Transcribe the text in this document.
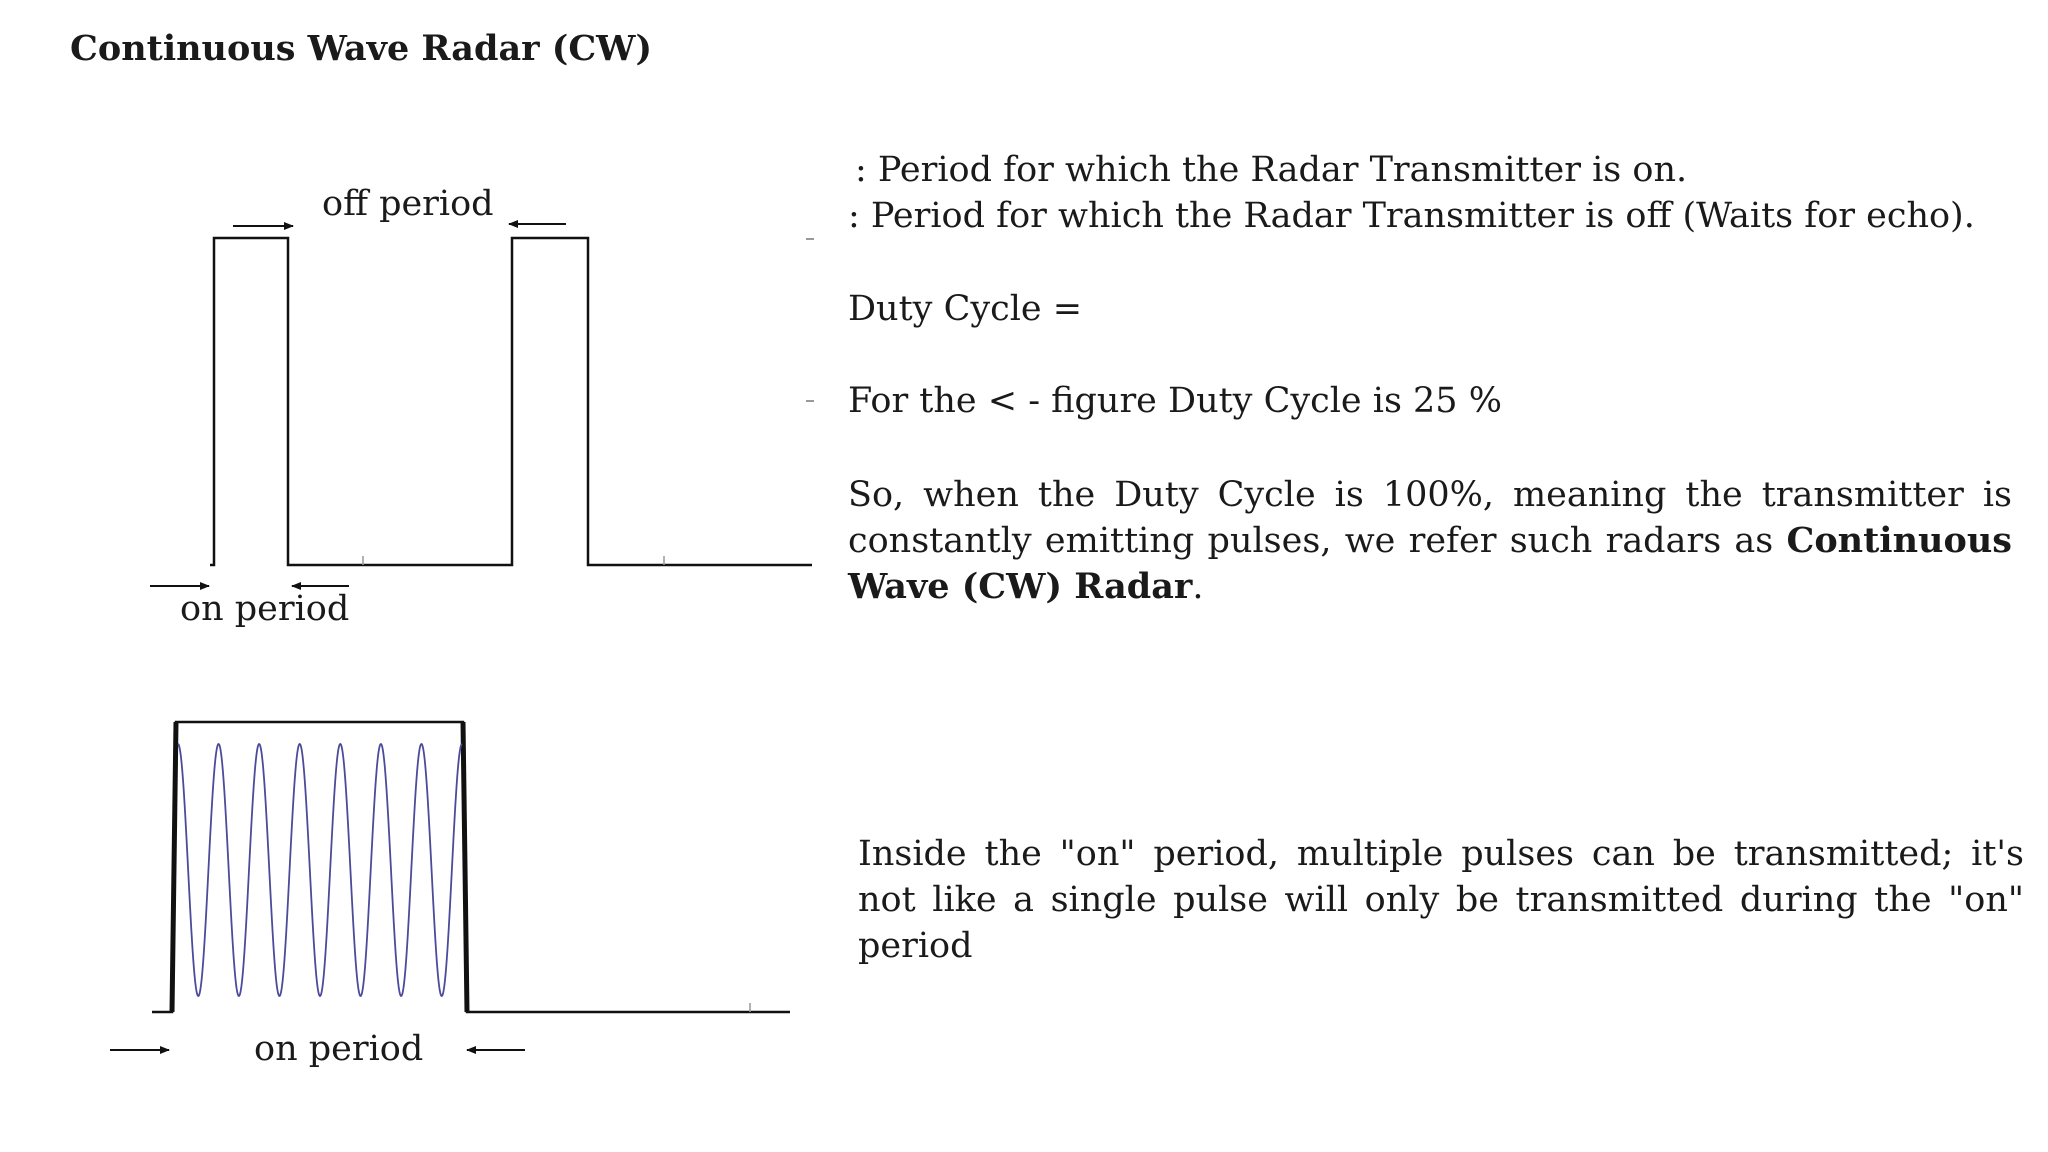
Continuous Wave Radar (CW)
off period
on period
on period
: Period for which the Radar Transmitter is on.
: Period for which the Radar Transmitter is off (Waits for echo).
Duty Cycle =
For the < - figure Duty Cycle is 25 %
So, when the Duty Cycle is 100%, meaning the transmitter is constantly emitting pulses, we refer such radars as Continuous Wave (CW) Radar.
Inside the "on" period, multiple pulses can be transmitted; it's not like a single pulse will only be transmitted during the "on" period
